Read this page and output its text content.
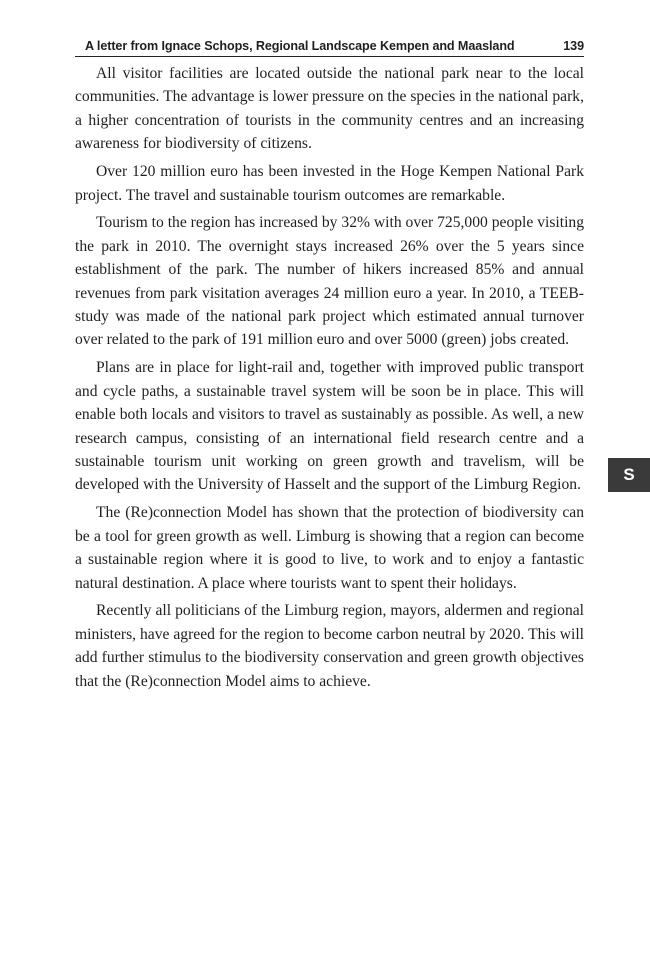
A letter from Ignace Schops, Regional Landscape Kempen and Maasland	139

All visitor facilities are located outside the national park near to the local communities. The advantage is lower pressure on the species in the national park, a higher concentration of tourists in the community centres and an increasing awareness for biodiversity of citizens.

Over 120 million euro has been invested in the Hoge Kempen National Park project. The travel and sustainable tourism outcomes are remarkable.

Tourism to the region has increased by 32% with over 725,000 people visiting the park in 2010. The overnight stays increased 26% over the 5 years since establishment of the park. The number of hikers increased 85% and annual revenues from park visitation averages 24 million euro a year. In 2010, a TEEB-study was made of the national park project which estimated annual turnover over related to the park of 191 million euro and over 5000 (green) jobs created.

Plans are in place for light-rail and, together with improved public transport and cycle paths, a sustainable travel system will be soon be in place. This will enable both locals and visitors to travel as sustainably as possible. As well, a new research campus, consisting of an international field research centre and a sustainable tourism unit working on green growth and travelism, will be developed with the University of Hasselt and the support of the Limburg Region.

The (Re)connection Model has shown that the protection of biodiversity can be a tool for green growth as well. Limburg is showing that a region can become a sustainable region where it is good to live, to work and to enjoy a fantastic natural destination. A place where tourists want to spent their holidays.

Recently all politicians of the Limburg region, mayors, aldermen and regional ministers, have agreed for the region to become carbon neutral by 2020. This will add further stimulus to the biodiversity conservation and green growth objectives that the (Re)connection Model aims to achieve.

S
